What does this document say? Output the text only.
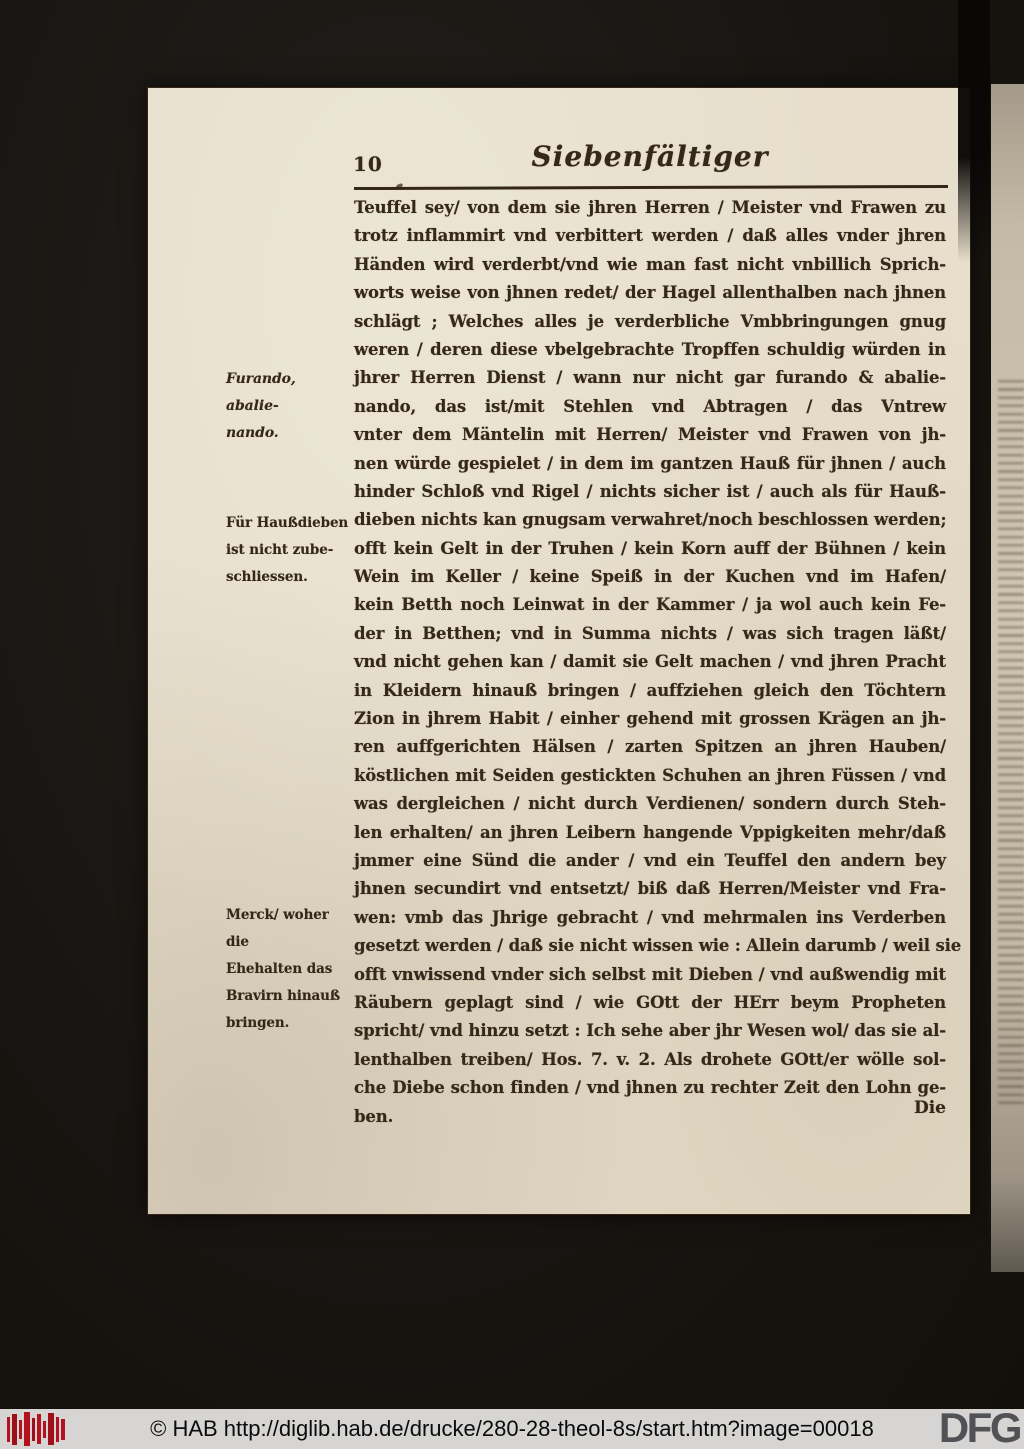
10	Siebenfältiger
Furando, abalie-
nando.
Für Haußdieben
ist nicht zube-
schliessen.
Merck/ woher die
Ehehalten das
Bravirn hinauß
bringen.
Teuffel sey/ von dem sie jhren Herren / Meister vnd Frawen zu
trotz inflammirt vnd verbittert werden / daß alles vnder jhren
Händen wird verderbt/vnd wie man fast nicht vnbillich Sprich-
worts weise von jhnen redet/ der Hagel allenthalben nach jhnen
schlägt ; Welches alles je verderbliche Vmbbringungen gnug
weren / deren diese vbelgebrachte Tropffen schuldig würden in
jhrer Herren Dienst / wann nur nicht gar furando & abalie-
nando, das ist/mit Stehlen vnd Abtragen / das Vntrew
vnter dem Mäntelin mit Herren/ Meister vnd Frawen von jh-
nen würde gespielet / in dem im gantzen Hauß für jhnen / auch
hinder Schloß vnd Rigel / nichts sicher ist / auch als für Hauß-
dieben nichts kan gnugsam verwahret/noch beschlossen werden;
offt kein Gelt in der Truhen / kein Korn auff der Bühnen / kein
Wein im Keller / keine Speiß in der Kuchen vnd im Hafen/
kein Betth noch Leinwat in der Kammer / ja wol auch kein Fe-
der in Betthen; vnd in Summa nichts / was sich tragen läßt/
vnd nicht gehen kan / damit sie Gelt machen / vnd jhren Pracht
in Kleidern hinauß bringen / auffziehen gleich den Töchtern
Zion in jhrem Habit / einher gehend mit grossen Krägen an jh-
ren auffgerichten Hälsen / zarten Spitzen an jhren Hauben/
köstlichen mit Seiden gestickten Schuhen an jhren Füssen / vnd
was dergleichen / nicht durch Verdienen/ sondern durch Steh-
len erhalten/ an jhren Leibern hangende Vppigkeiten mehr/daß
jmmer eine Sünd die ander / vnd ein Teuffel den andern bey
jhnen secundirt vnd entsetzt/ biß daß Herren/Meister vnd Fra-
wen: vmb das Jhrige gebracht / vnd mehrmalen ins Verderben
gesetzt werden / daß sie nicht wissen wie : Allein darumb / weil sie
offt vnwissend vnder sich selbst mit Dieben / vnd außwendig mit
Räubern geplagt sind / wie GOtt der HErr beym Propheten
spricht/ vnd hinzu setzt : Ich sehe aber jhr Wesen wol/ das sie al-
lenthalben treiben/ Hos. 7. v. 2. Als drohete GOtt/er wölle sol-
che Diebe schon finden / vnd jhnen zu rechter Zeit den Lohn ge-
ben.	Die
© HAB http://diglib.hab.de/drucke/280-28-theol-8s/start.htm?image=00018 DFG
